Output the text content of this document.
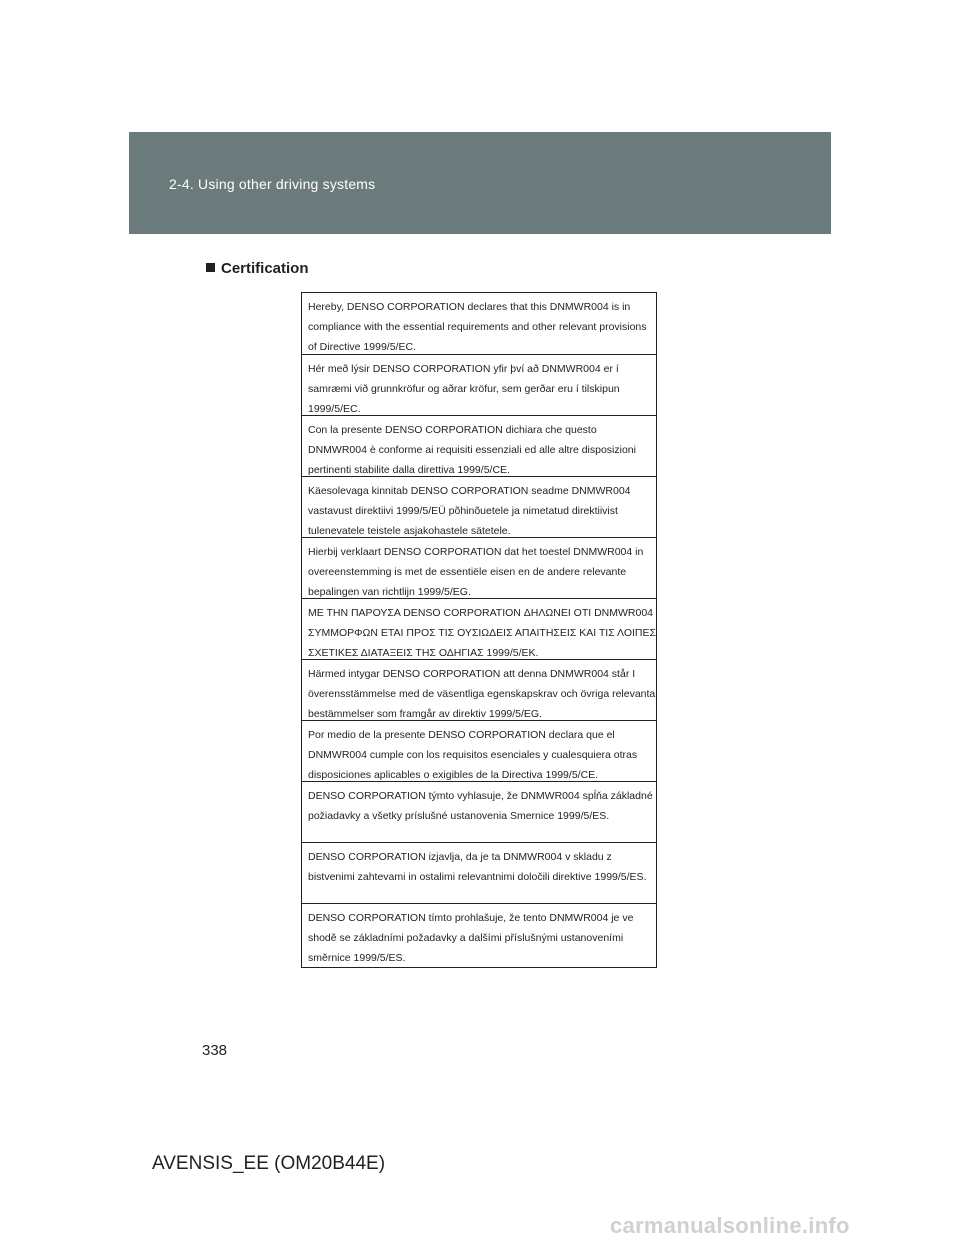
2-4. Using other driving systems
Certification
Hereby, DENSO CORPORATION declares that this DNMWR004 is in compliance with the essential requirements and other relevant provisions of Directive 1999/5/EC.
Hér með lýsir DENSO CORPORATION yfir því að DNMWR004 er í samræmi við grunnkröfur og aðrar kröfur, sem gerðar eru í tilskipun 1999/5/EC.
Con la presente DENSO CORPORATION dichiara che questo DNMWR004 è conforme ai requisiti essenziali ed alle altre disposizioni pertinenti stabilite dalla direttiva 1999/5/CE.
Käesolevaga kinnitab DENSO CORPORATION seadme DNMWR004 vastavust direktiivi 1999/5/EÜ põhinõuetele ja nimetatud direktiivist tulenevatele teistele asjakohastele sätetele.
Hierbij verklaart DENSO CORPORATION dat het toestel DNMWR004 in overeenstemming is met de essentiële eisen en de andere relevante bepalingen van richtlijn 1999/5/EG.
ΜΕ ΤΗΝ ΠΑΡΟΥΣΑ DENSO CORPORATION ΔΗΛΩΝΕΙ ΟΤΙ DNMWR004 ΣΥΜΜΟΡΦΩΝ ΕΤΑΙ ΠΡΟΣ ΤΙΣ ΟΥΣΙΩΔΕΙΣ ΑΠΑΙΤΗΣΕΙΣ ΚΑΙ ΤΙΣ ΛΟΙΠΕΣ ΣΧΕΤΙΚΕΣ ΔΙΑΤΑΞΕΙΣ ΤΗΣ ΟΔΗΓΙΑΣ 1999/5/ΕΚ.
Härmed intygar DENSO CORPORATION att denna DNMWR004 står I överensstämmelse med de väsentliga egenskapskrav och övriga relevanta bestämmelser som framgår av direktiv 1999/5/EG.
Por medio de la presente DENSO CORPORATION declara que el DNMWR004 cumple con los requisitos esenciales y cualesquiera otras disposiciones aplicables o exigibles de la Directiva 1999/5/CE.
DENSO CORPORATION týmto vyhlasuje, že DNMWR004 spĺňa základné požiadavky a všetky príslušné ustanovenia Smernice 1999/5/ES.
DENSO CORPORATION izjavlja, da je ta DNMWR004 v skladu z bistvenimi zahtevami in ostalimi relevantnimi določili direktive 1999/5/ES.
DENSO CORPORATION tímto prohlašuje, že tento DNMWR004 je ve shodě se základními požadavky a dalšími příslušnými ustanoveními směrnice 1999/5/ES.
338
AVENSIS_EE (OM20B44E)
carmanualsonline.info
